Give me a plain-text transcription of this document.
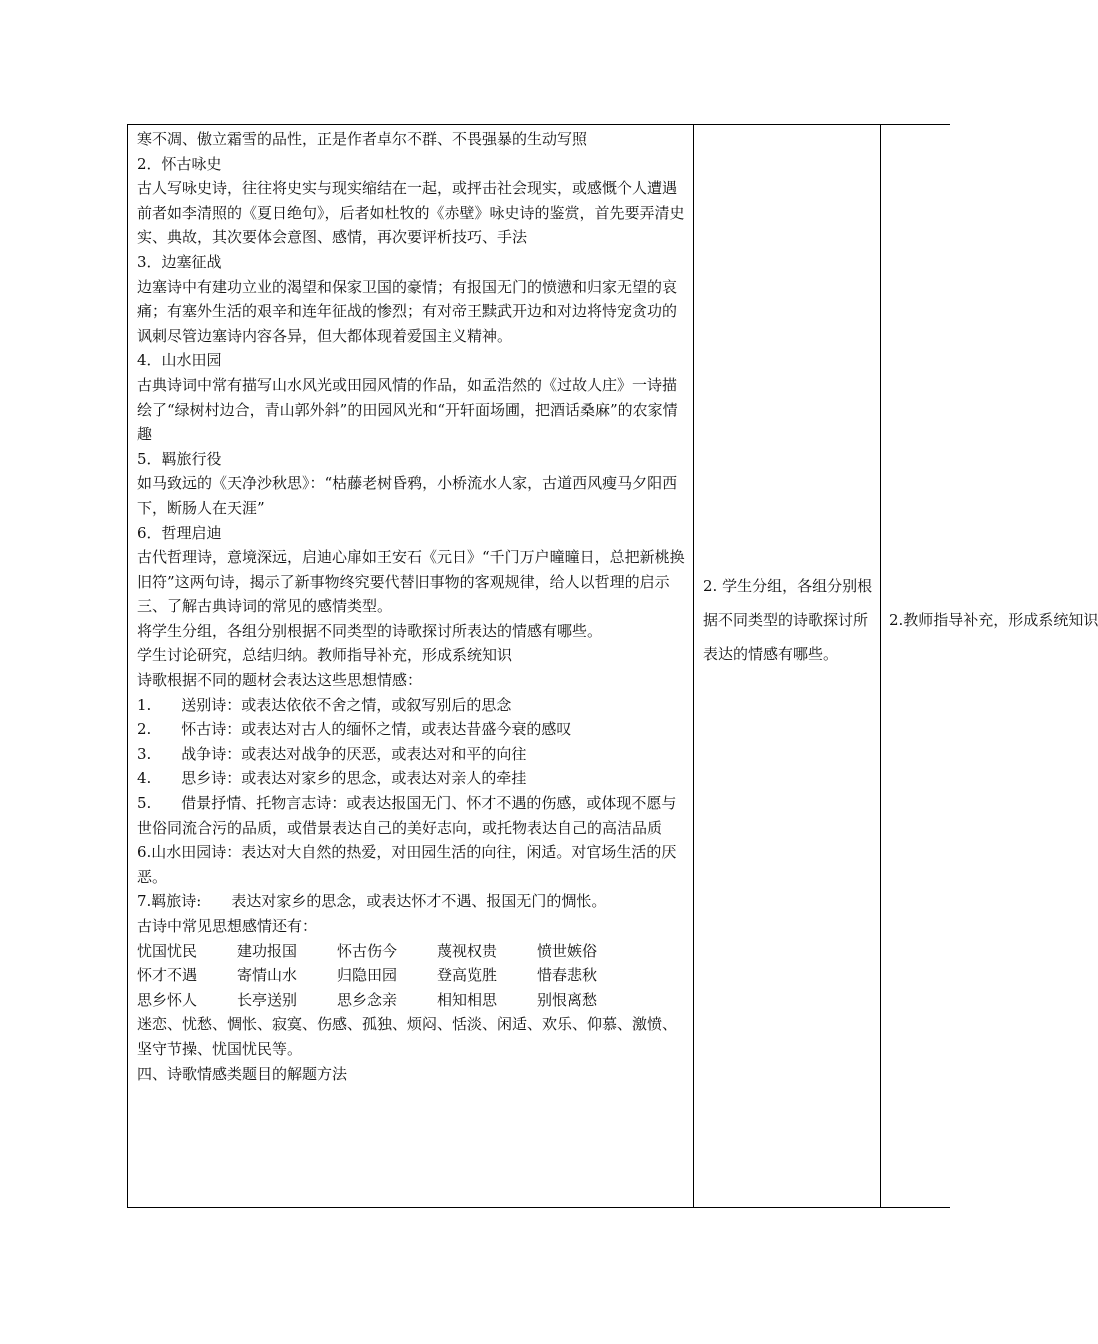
寒不凋、傲立霜雪的品性，正是作者卓尔不群、不畏强暴的生动写照

2．怀古咏史

古人写咏史诗，往往将史实与现实缩结在一起，或抨击社会现实，或感慨个人遭遇前者如李清照的《夏日绝句》，后者如杜牧的《赤壁》咏史诗的鉴赏，首先要弄清史实、典故，其次要体会意图、感情，再次要评析技巧、手法

3．边塞征战

边塞诗中有建功立业的渴望和保家卫国的豪情；有报国无门的愤懑和归家无望的哀痛；有塞外生活的艰辛和连年征战的惨烈；有对帝王黩武开边和对边将恃宠贪功的讽刺尽管边塞诗内容各异，但大都体现着爱国主义精神。

4．山水田园

古典诗词中常有描写山水风光或田园风情的作品，如孟浩然的《过故人庄》一诗描绘了“绿树村边合，青山郭外斜”的田园风光和“开轩面场圃，把酒话桑麻”的农家情趣

5．羁旅行役

如马致远的《天净沙秋思》：“枯藤老树昏鸦，小桥流水人家，古道西风瘦马夕阳西下，断肠人在天涯”

6．哲理启迪

古代哲理诗，意境深远，启迪心扉如王安石《元日》“千门万户曈曈日，总把新桃换旧符”这两句诗，揭示了新事物终究要代替旧事物的客观规律，给人以哲理的启示

三、了解古典诗词的常见的感情类型。

将学生分组，各组分别根据不同类型的诗歌探讨所表达的情感有哪些。

学生讨论研究，总结归纳。教师指导补充，形成系统知识

诗歌根据不同的题材会表达这些思想情感：

1.　　送别诗：或表达依依不舍之情，或叙写别后的思念

2.　　怀古诗：或表达对古人的缅怀之情，或表达昔盛今衰的感叹

3.　　战争诗：或表达对战争的厌恶，或表达对和平的向往

4.　　思乡诗：或表达对家乡的思念，或表达对亲人的牵挂

5.　　借景抒情、托物言志诗：或表达报国无门、怀才不遇的伤感，或体现不愿与世俗同流合污的品质，或借景表达自己的美好志向，或托物表达自己的高洁品质

6.山水田园诗：表达对大自然的热爱，对田园生活的向往，闲适。对官场生活的厌恶。

7.羁旅诗:　　表达对家乡的思念，或表达怀才不遇、报国无门的惆怅。

古诗中常见思想感情还有：

忧国忧民	建功报国	怀古伤今	蔑视权贵	愤世嫉俗
怀才不遇	寄情山水	归隐田园	登高览胜	惜春悲秋
思乡怀人	长亭送别	思乡念亲	相知相思	别恨离愁

迷恋、忧愁、惆怅、寂寞、伤感、孤独、烦闷、恬淡、闲适、欢乐、仰慕、激愤、坚守节操、忧国忧民等。

四、诗歌情感类题目的解题方法

2. 学生分组，各组分别根据不同类型的诗歌探讨所表达的情感有哪些。
2.教师指导补充，形成系统知识
